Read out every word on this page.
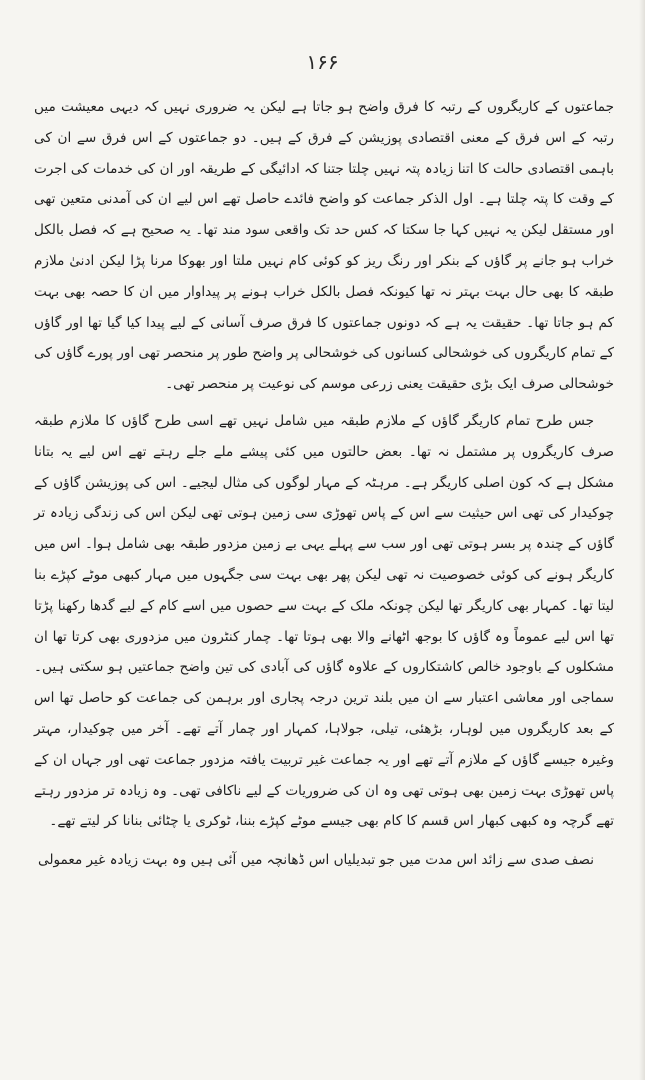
۱۶۶

جماعتوں کے کاریگروں کے رتبہ کا فرق واضح ہو جاتا ہے لیکن یہ ضروری نہیں کہ دیہی معیشت میں رتبہ کے اس فرق کے معنی اقتصادی پوزیشن کے فرق کے ہیں۔ دو جماعتوں کے اس فرق سے ان کی باہمی اقتصادی حالت کا اتنا زیادہ پتہ نہیں چلتا جتنا کہ ادائیگی کے طریقہ اور ان کی خدمات کی اجرت کے وقت کا پتہ چلتا ہے۔ اول الذکر جماعت کو واضح فائدے حاصل تھے اس لیے ان کی آمدنی متعین تھی اور مستقل لیکن یہ نہیں کہا جا سکتا کہ کس حد تک واقعی سود مند تھا۔ یہ صحیح ہے کہ فصل بالکل خراب ہو جانے پر گاؤں کے بنکر اور رنگ ریز کو کوئی کام نہیں ملتا اور بھوکا مرنا پڑا لیکن ادنیٰ ملازم طبقہ کا بھی حال بہت بہتر نہ تھا کیونکہ فصل بالکل خراب ہونے پر پیداوار میں ان کا حصہ بھی بہت کم ہو جاتا تھا۔ حقیقت یہ ہے کہ دونوں جماعتوں کا فرق صرف آسانی کے لیے پیدا کیا گیا تھا اور گاؤں کے تمام کاریگروں کی خوشحالی کسانوں کی خوشحالی پر واضح طور پر منحصر تھی اور پورے گاؤں کی خوشحالی صرف ایک بڑی حقیقت یعنی زرعی موسم کی نوعیت پر منحصر تھی۔

جس طرح تمام کاریگر گاؤں کے ملازم طبقہ میں شامل نہیں تھے اسی طرح گاؤں کا ملازم طبقہ صرف کاریگروں پر مشتمل نہ تھا۔ بعض حالتوں میں کئی پیشے ملے جلے رہتے تھے اس لیے یہ بتانا مشکل ہے کہ کون اصلی کاریگر ہے۔ مرہٹہ کے مہار لوگوں کی مثال لیجیے۔ اس کی پوزیشن گاؤں کے چوکیدار کی تھی اس حیثیت سے اس کے پاس تھوڑی سی زمین ہوتی تھی لیکن اس کی زندگی زیادہ تر گاؤں کے چندہ پر بسر ہوتی تھی اور سب سے پہلے یہی بے زمین مزدور طبقہ بھی شامل ہوا۔ اس میں کاریگر ہونے کی کوئی خصوصیت نہ تھی لیکن پھر بھی بہت سی جگہوں میں مہار کبھی موٹے کپڑے بنا لیتا تھا۔ کمہار بھی کاریگر تھا لیکن چونکہ ملک کے بہت سے حصوں میں اسے کام کے لیے گدھا رکھنا پڑتا تھا اس لیے عموماً وہ گاؤں کا بوجھ اٹھانے والا بھی ہوتا تھا۔ چمار کنٹرون میں مزدوری بھی کرتا تھا ان مشکلوں کے باوجود خالص کاشتکاروں کے علاوہ گاؤں کی آبادی کی تین واضح جماعتیں ہو سکتی ہیں۔ سماجی اور معاشی اعتبار سے ان میں بلند ترین درجہ پجاری اور برہمن کی جماعت کو حاصل تھا اس کے بعد کاریگروں میں لوہار، بڑھئی، تیلی، جولاہا، کمہار اور چمار آتے تھے۔ آخر میں چوکیدار، مہتر وغیرہ جیسے گاؤں کے ملازم آتے تھے اور یہ جماعت غیر تربیت یافتہ مزدور جماعت تھی اور جہاں ان کے پاس تھوڑی بہت زمین بھی ہوتی تھی وہ ان کی ضروریات کے لیے ناکافی تھی۔ وہ زیادہ تر مزدور رہتے تھے گرچہ وہ کبھی کبھار اس قسم کا کام بھی جیسے موٹے کپڑے بننا، ٹوکری یا چٹائی بنانا کر لیتے تھے۔

نصف صدی سے زائد اس مدت میں جو تبدیلیاں اس ڈھانچہ میں آئی ہیں وہ بہت زیادہ غیر معمولی
